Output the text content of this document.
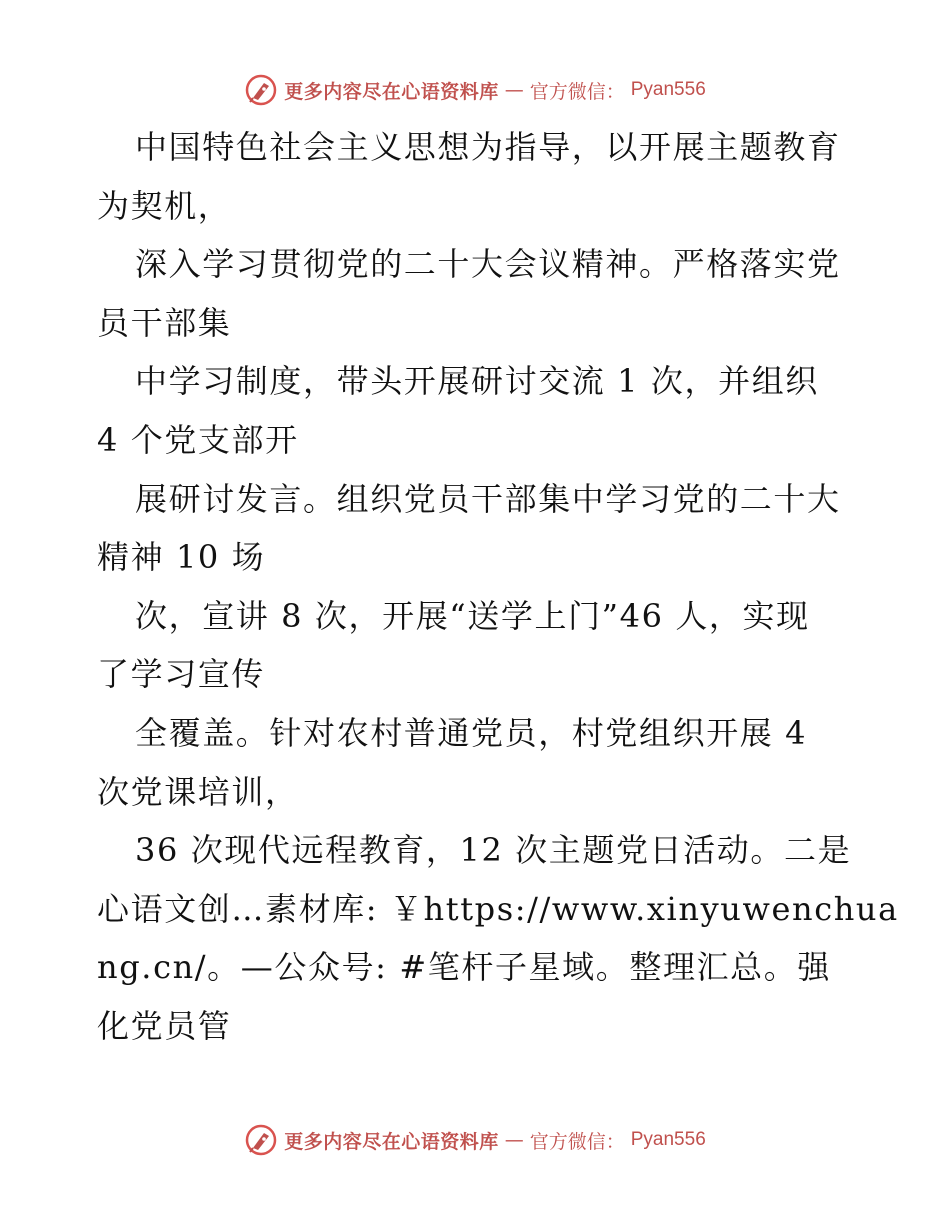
更多内容尽在心语资料库 — 官方微信： Pyan556
中国特色社会主义思想为指导，以开展主题教育
为契机，
深入学习贯彻党的二十大会议精神。严格落实党
员干部集
中学习制度，带头开展研讨交流 1 次，并组织
4 个党支部开
展研讨发言。组织党员干部集中学习党的二十大
精神 10 场
次，宣讲 8 次，开展“送学上门”46 人，实现
了学习宣传
全覆盖。针对农村普通党员，村党组织开展 4
次党课培训，
36 次现代远程教育，12 次主题党日活动。二是
心语文创…素材库: ￥https://www.xinyuwenchua
ng.cn/。—公众号: #笔杆子星域。整理汇总。强
化党员管
更多内容尽在心语资料库 — 官方微信： Pyan556
